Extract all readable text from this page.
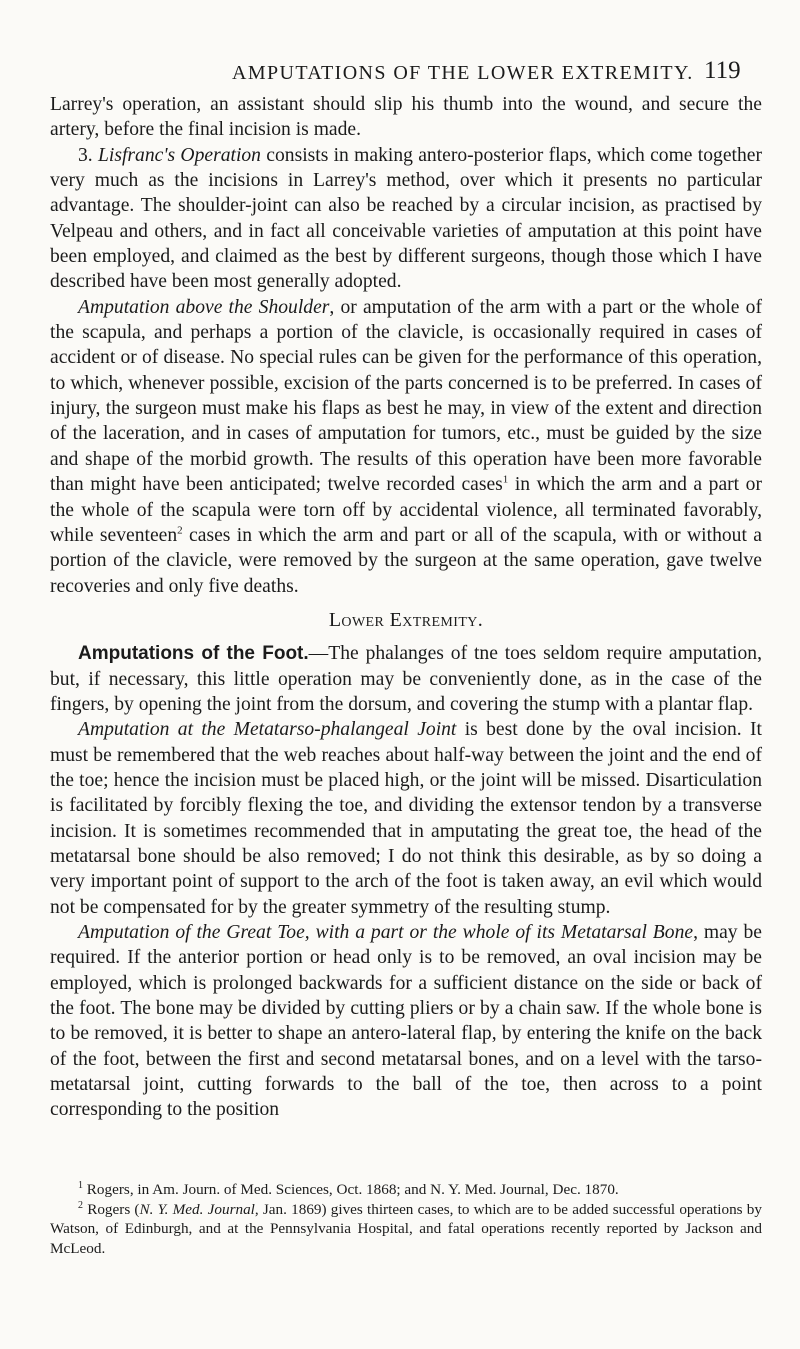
AMPUTATIONS OF THE LOWER EXTREMITY. 119

Larrey's operation, an assistant should slip his thumb into the wound, and secure the artery, before the final incision is made.

3. Lisfranc's Operation consists in making antero-posterior flaps, which come together very much as the incisions in Larrey's method, over which it presents no particular advantage. The shoulder-joint can also be reached by a circular incision, as practised by Velpeau and others, and in fact all conceivable varieties of amputation at this point have been employed, and claimed as the best by different surgeons, though those which I have described have been most generally adopted.

Amputation above the Shoulder, or amputation of the arm with a part or the whole of the scapula, and perhaps a portion of the clavicle, is occasionally required in cases of accident or of disease. No special rules can be given for the performance of this operation, to which, whenever possible, excision of the parts concerned is to be preferred. In cases of injury, the surgeon must make his flaps as best he may, in view of the extent and direction of the laceration, and in cases of amputation for tumors, etc., must be guided by the size and shape of the morbid growth. The results of this operation have been more favorable than might have been anticipated; twelve recorded cases$^1$ in which the arm and a part or the whole of the scapula were torn off by accidental violence, all terminated favorably, while seventeen$^2$ cases in which the arm and part or all of the scapula, with or without a portion of the clavicle, were removed by the surgeon at the same operation, gave twelve recoveries and only five deaths.

Lower Extremity.

Amputations of the Foot.—The phalanges of tne toes seldom require amputation, but, if necessary, this little operation may be conveniently done, as in the case of the fingers, by opening the joint from the dorsum, and covering the stump with a plantar flap.

Amputation at the Metatarso-phalangeal Joint is best done by the oval incision. It must be remembered that the web reaches about half-way between the joint and the end of the toe; hence the incision must be placed high, or the joint will be missed. Disarticulation is facilitated by forcibly flexing the toe, and dividing the extensor tendon by a transverse incision. It is sometimes recommended that in amputating the great toe, the head of the metatarsal bone should be also removed; I do not think this desirable, as by so doing a very important point of support to the arch of the foot is taken away, an evil which would not be compensated for by the greater symmetry of the resulting stump.

Amputation of the Great Toe, with a part or the whole of its Metatarsal Bone, may be required. If the anterior portion or head only is to be removed, an oval incision may be employed, which is prolonged backwards for a sufficient distance on the side or back of the foot. The bone may be divided by cutting pliers or by a chain saw. If the whole bone is to be removed, it is better to shape an antero-lateral flap, by entering the knife on the back of the foot, between the first and second metatarsal bones, and on a level with the tarso-metatarsal joint, cutting forwards to the ball of the toe, then across to a point corresponding to the position

$^1$ Rogers, in Am. Journ. of Med. Sciences, Oct. 1868; and N. Y. Med. Journal, Dec. 1870.

$^2$ Rogers (N. Y. Med. Journal, Jan. 1869) gives thirteen cases, to which are to be added successful operations by Watson, of Edinburgh, and at the Pennsylvania Hospital, and fatal operations recently reported by Jackson and McLeod.
